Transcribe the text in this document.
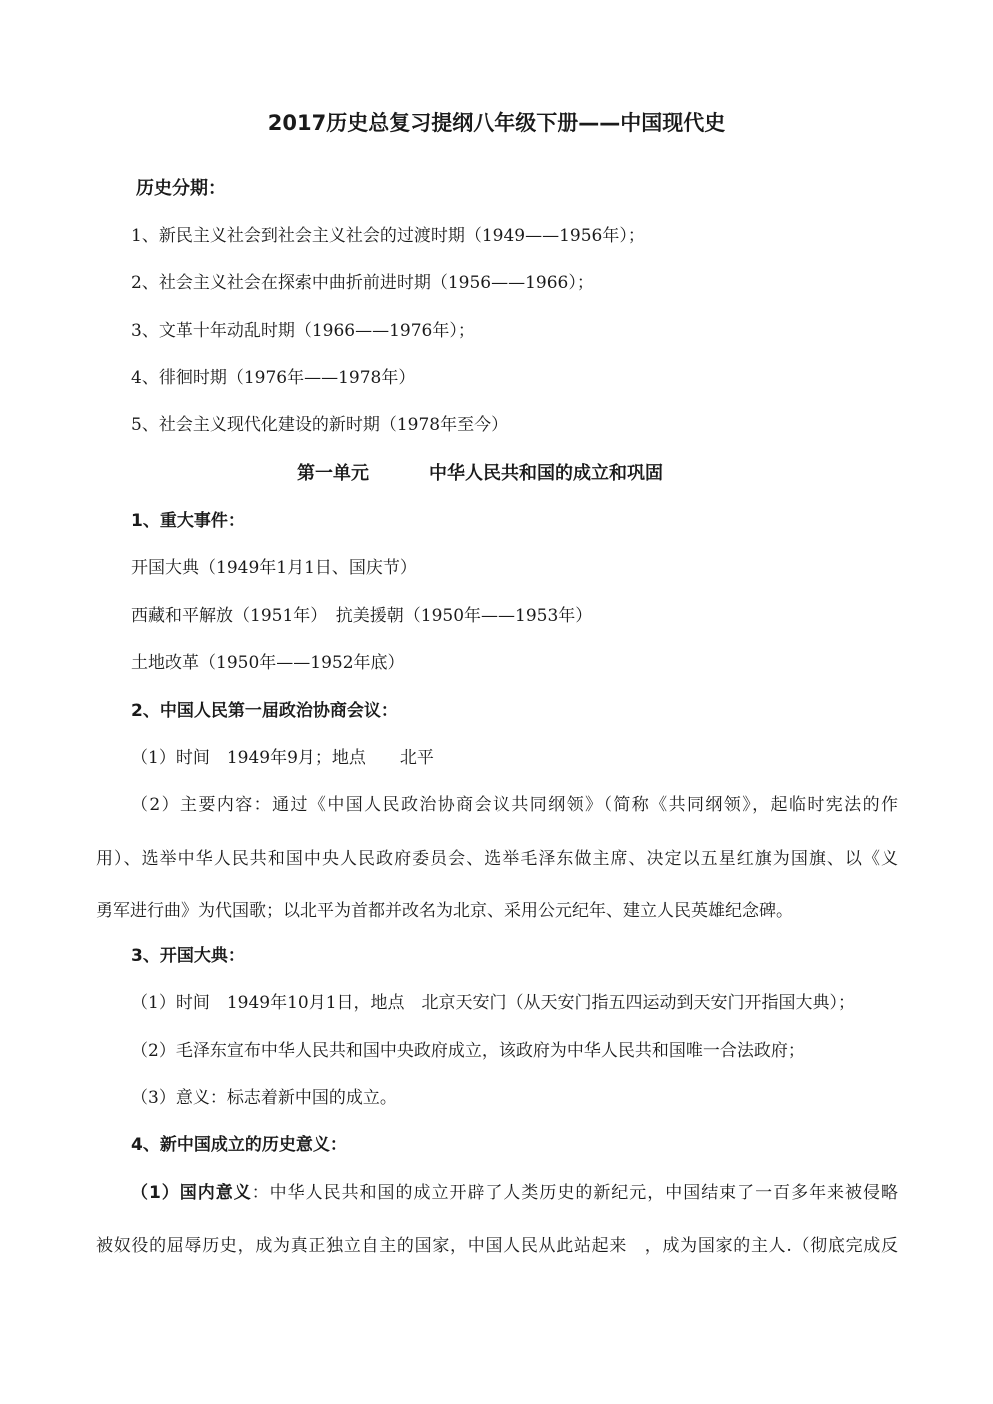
2017历史总复习提纲八年级下册——中国现代史
历史分期：
1、新民主义社会到社会主义社会的过渡时期（1949——1956年）；
2、社会主义社会在探索中曲折前进时期（1956——1966）；
3、文革十年动乱时期（1966——1976年）；
4、徘徊时期（1976年——1978年）
5、社会主义现代化建设的新时期（1978年至今）
第一单元	中华人民共和国的成立和巩固
1、重大事件：
开国大典（1949年1月1日、国庆节）
西藏和平解放（1951年）　抗美援朝（1950年——1953年）
土地改革（1950年——1952年底）
2、中国人民第一届政治协商会议：
（1）时间　1949年9月；地点　　北平
（2）主要内容：通过《中国人民政治协商会议共同纲领》（简称《共同纲领》，起临时宪法的作
用）、选举中华人民共和国中央人民政府委员会、选举毛泽东做主席、决定以五星红旗为国旗、以《义
勇军进行曲》为代国歌；以北平为首都并改名为北京、采用公元纪年、建立人民英雄纪念碑。
3、开国大典：
（1）时间　1949年10月1日，地点　北京天安门（从天安门指五四运动到天安门开指国大典）；
（2）毛泽东宣布中华人民共和国中央政府成立，该政府为中华人民共和国唯一合法政府；
（3）意义：标志着新中国的成立。
4、新中国成立的历史意义：
（1）国内意义：中华人民共和国的成立开辟了人类历史的新纪元，中国结束了一百多年来被侵略
被奴役的屈辱历史，成为真正独立自主的国家，中国人民从此站起来　，成为国家的主人.（彻底完成反
